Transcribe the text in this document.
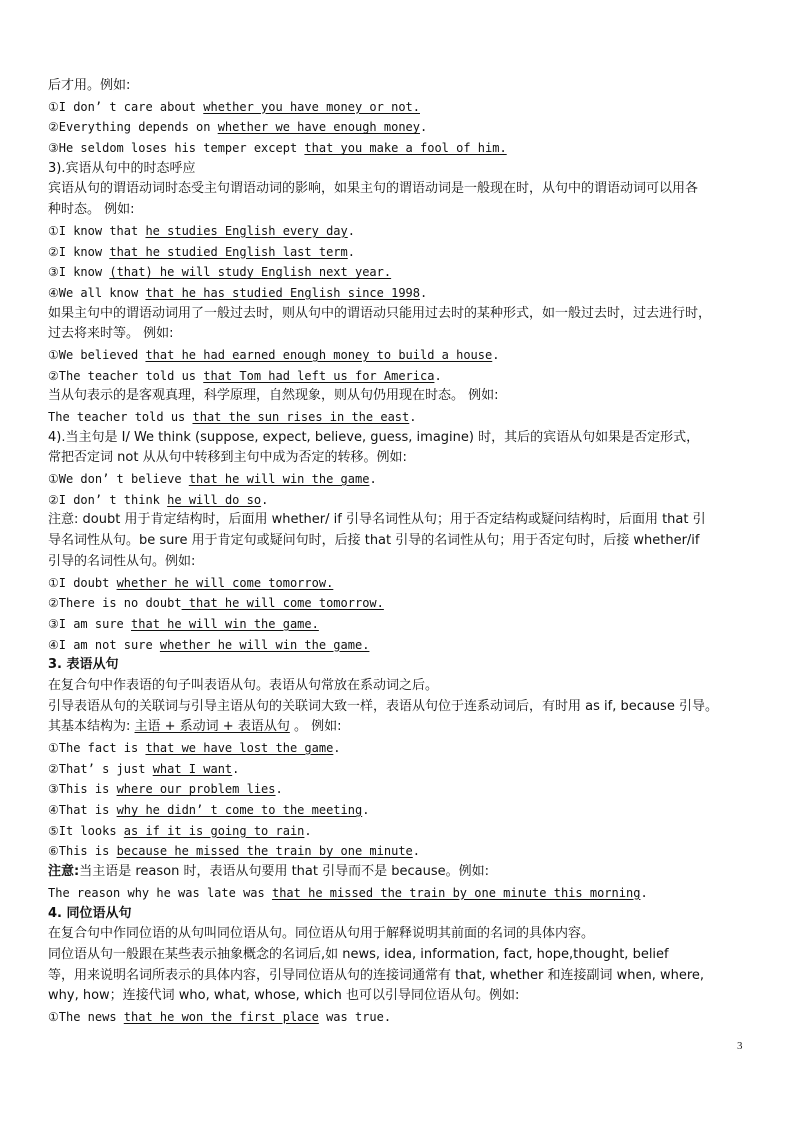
后才用。例如:
①I don’ t care about whether you have money or not.
②Everything depends on whether we have enough money.
③He seldom loses his temper except that you make a fool of him.
3).宾语从句中的时态呼应
宾语从句的谓语动词时态受主句谓语动词的影响，如果主句的谓语动词是一般现在时，从句中的谓语动词可以用各
种时态。 例如:
①I know that he studies English every day.
②I know that he studied English last term.
③I know (that) he will study English next year.
④We all know that he has studied English since 1998.
如果主句中的谓语动词用了一般过去时，则从句中的谓语动只能用过去时的某种形式，如一般过去时，过去进行时，
过去将来时等。 例如:
①We believed that he had earned enough money to build a house.
②The teacher told us that Tom had left us for America.
当从句表示的是客观真理，科学原理，自然现象，则从句仍用现在时态。 例如:
The teacher told us that the sun rises in the east.
4).当主句是 I/ We think (suppose, expect, believe, guess, imagine) 时，其后的宾语从句如果是否定形式，
常把否定词 not 从从句中转移到主句中成为否定的转移。例如:
①We don’ t believe that he will win the game.
②I don’ t think he will do so.
注意: doubt 用于肯定结构时，后面用 whether/ if 引导名词性从句；用于否定结构或疑问结构时，后面用 that 引
导名词性从句。be sure 用于肯定句或疑问句时，后接 that 引导的名词性从句；用于否定句时，后接 whether/if
引导的名词性从句。例如:
①I doubt whether he will come tomorrow.
②There is no doubt that he will come tomorrow.
③I am sure that he will win the game.
④I am not sure whether he will win the game.
3. 表语从句
在复合句中作表语的句子叫表语从句。表语从句常放在系动词之后。
引导表语从句的关联词与引导主语从句的关联词大致一样，表语从句位于连系动词后，有时用 as if, because 引导。
其基本结构为: 主语 + 系动词 + 表语从句 。 例如:
①The fact is that we have lost the game.
②That’ s just what I want.
③This is where our problem lies.
④That is why he didn’ t come to the meeting.
⑤It looks as if it is going to rain.
⑥This is because he missed the train by one minute.
注意:当主语是 reason 时，表语从句要用 that 引导而不是 because。例如:
The reason why he was late was that he missed the train by one minute this morning.
4. 同位语从句
在复合句中作同位语的从句叫同位语从句。同位语从句用于解释说明其前面的名词的具体内容。
同位语从句一般跟在某些表示抽象概念的名词后,如 news, idea, information, fact, hope,thought, belief
等，用来说明名词所表示的具体内容，引导同位语从句的连接词通常有 that, whether 和连接副词 when, where,
why, how；连接代词 who, what, whose, which 也可以引导同位语从句。例如:
①The news that he won the first place was true.
3
